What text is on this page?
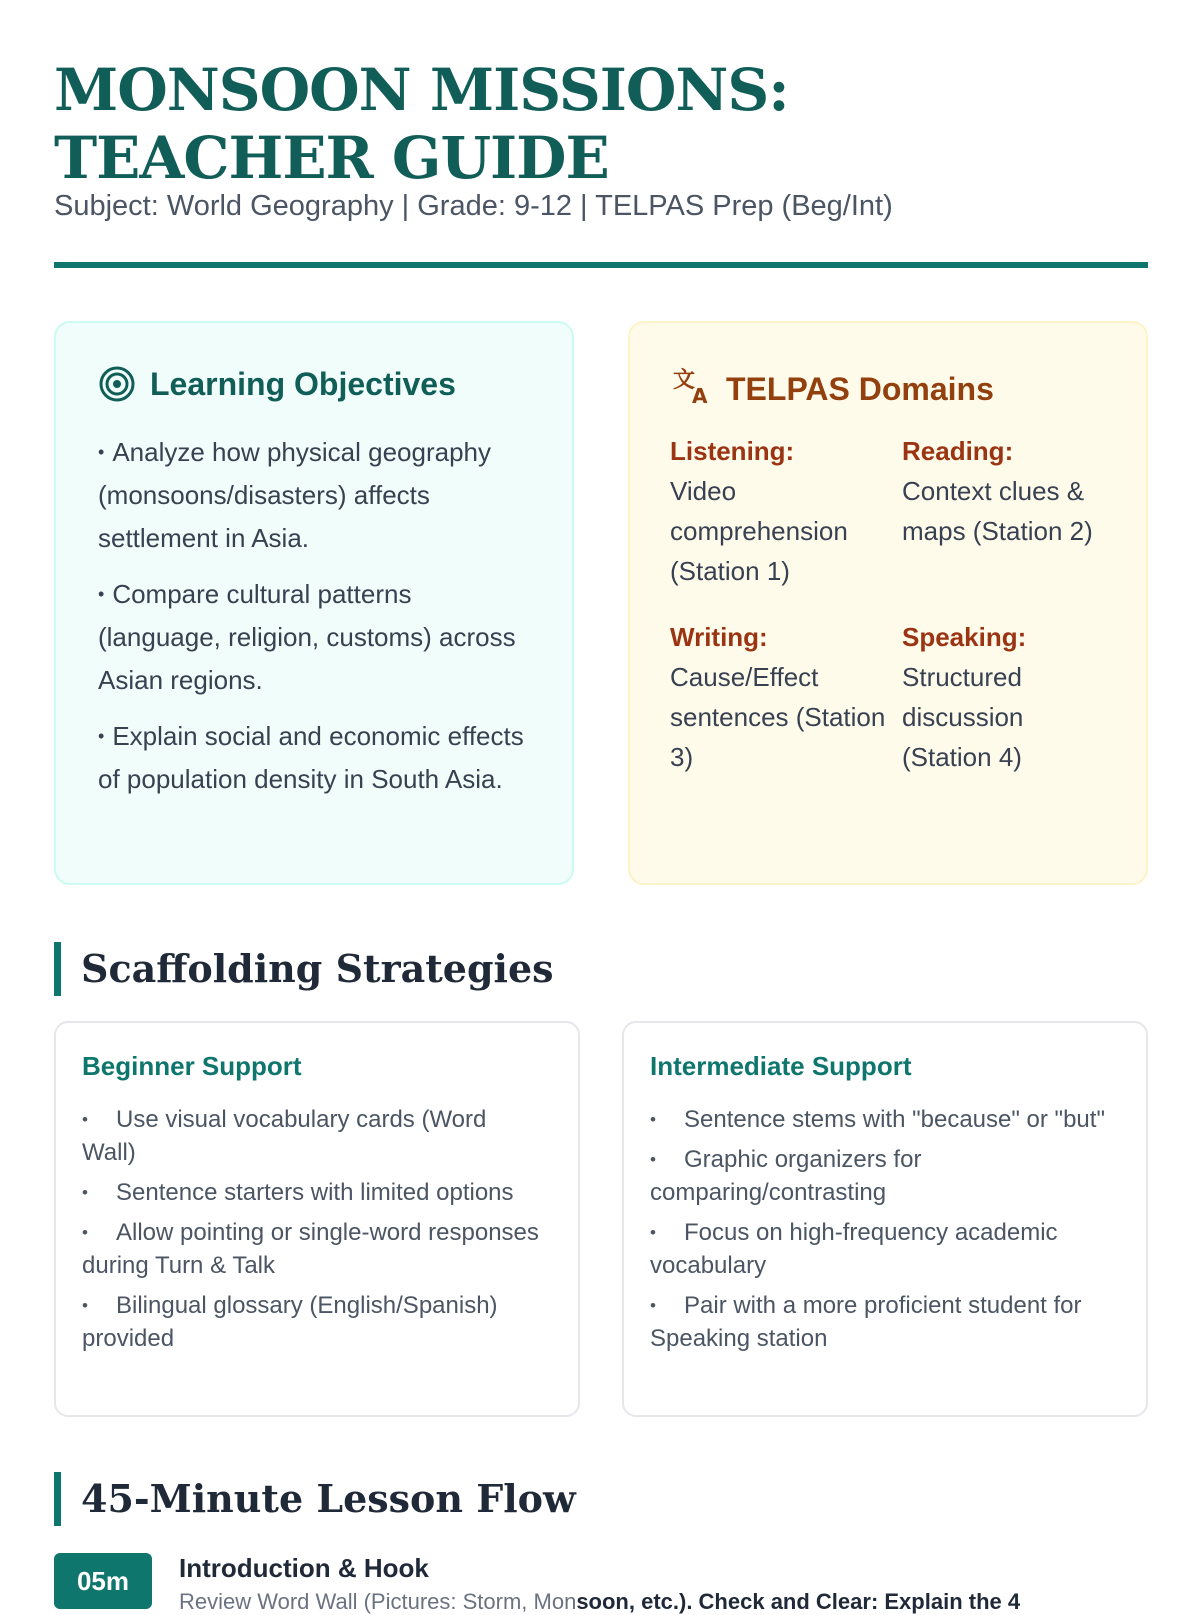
MONSOON MISSIONS: TEACHER GUIDE

Subject: World Geography | Grade: 9-12 | TELPAS Prep (Beg/Int)

Learning Objectives
• Analyze how physical geography (monsoons/disasters) affects settlement in Asia.
• Compare cultural patterns (language, religion, customs) across Asian regions.
• Explain social and economic effects of population density in South Asia.
文
A TELPAS Domains
Listening:
Video comprehension (Station 1)
Reading:
Context clues & maps (Station 2)
Writing:
Cause/Effect sentences (Station 3)
Speaking:
Structured discussion (Station 4)
Scaffolding Strategies
Beginner Support
• Use visual vocabulary cards (Word Wall)
• Sentence starters with limited options
• Allow pointing or single-word responses during Turn & Talk
• Bilingual glossary (English/Spanish) provided
Intermediate Support
• Sentence stems with "because" or "but"
• Graphic organizers for comparing/contrasting
• Focus on high-frequency academic vocabulary
• Pair with a more proficient student for Speaking station
45-Minute Lesson Flow
05m	Introduction & Hook
Review Word Wall (Pictures: Storm, Monsoon, etc.). Check and Clear: Explain the 4
